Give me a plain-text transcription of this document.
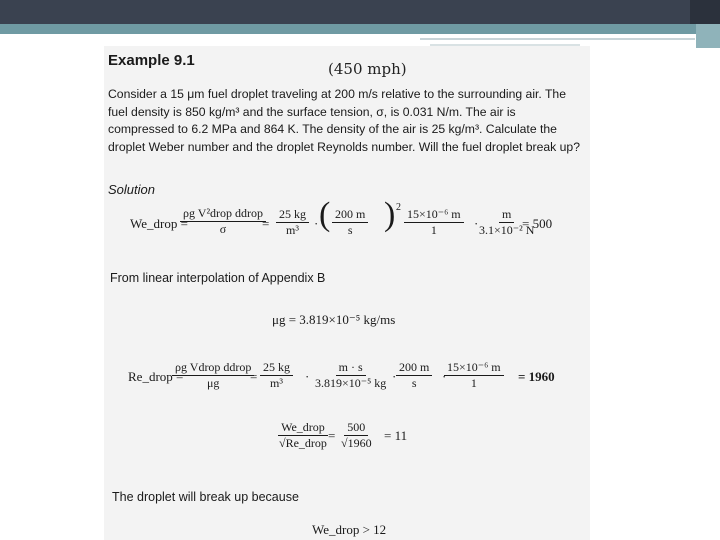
Example 9.1	(450 mph)
Consider a 15 μm fuel droplet traveling at 200 m/s relative to the surrounding air. The fuel density is 850 kg/m³ and the surface tension, σ, is 0.031 N/m. The air is compressed to 6.2 MPa and 864 K. The density of the air is 25 kg/m³. Calculate the droplet Weber number and the droplet Reynolds number. Will the fuel droplet break up?
Solution
We_drop =
ρg V²drop ddrop
σ	=
$\frac{25 kg}{\text{m³}}$ · ( $\frac{200 m}{s}$ ) $2 \frac{\text{15×10⁻⁶ m}}{1}$ ·
$\frac{m}{\text{3.1×10⁻² N}}$
= 500
From linear interpolation of Appendix B
μg = 3.819×10⁻⁵ kg/ms
Re_drop =
ρg Vdrop ddrop
$\mu g = \frac{25 kg}{\text{m³}} \cdot \frac{m \cdot s}{\text{3.819×10⁻⁵ kg}} \cdot \frac{200 m}{s}$ ·
$\frac{\text{15×10⁻⁶ m}}{1} = 1960$
We_drop
√Re_drop = $\frac{500}{√1960} = 11$
The droplet will break up because
We_drop > 12
